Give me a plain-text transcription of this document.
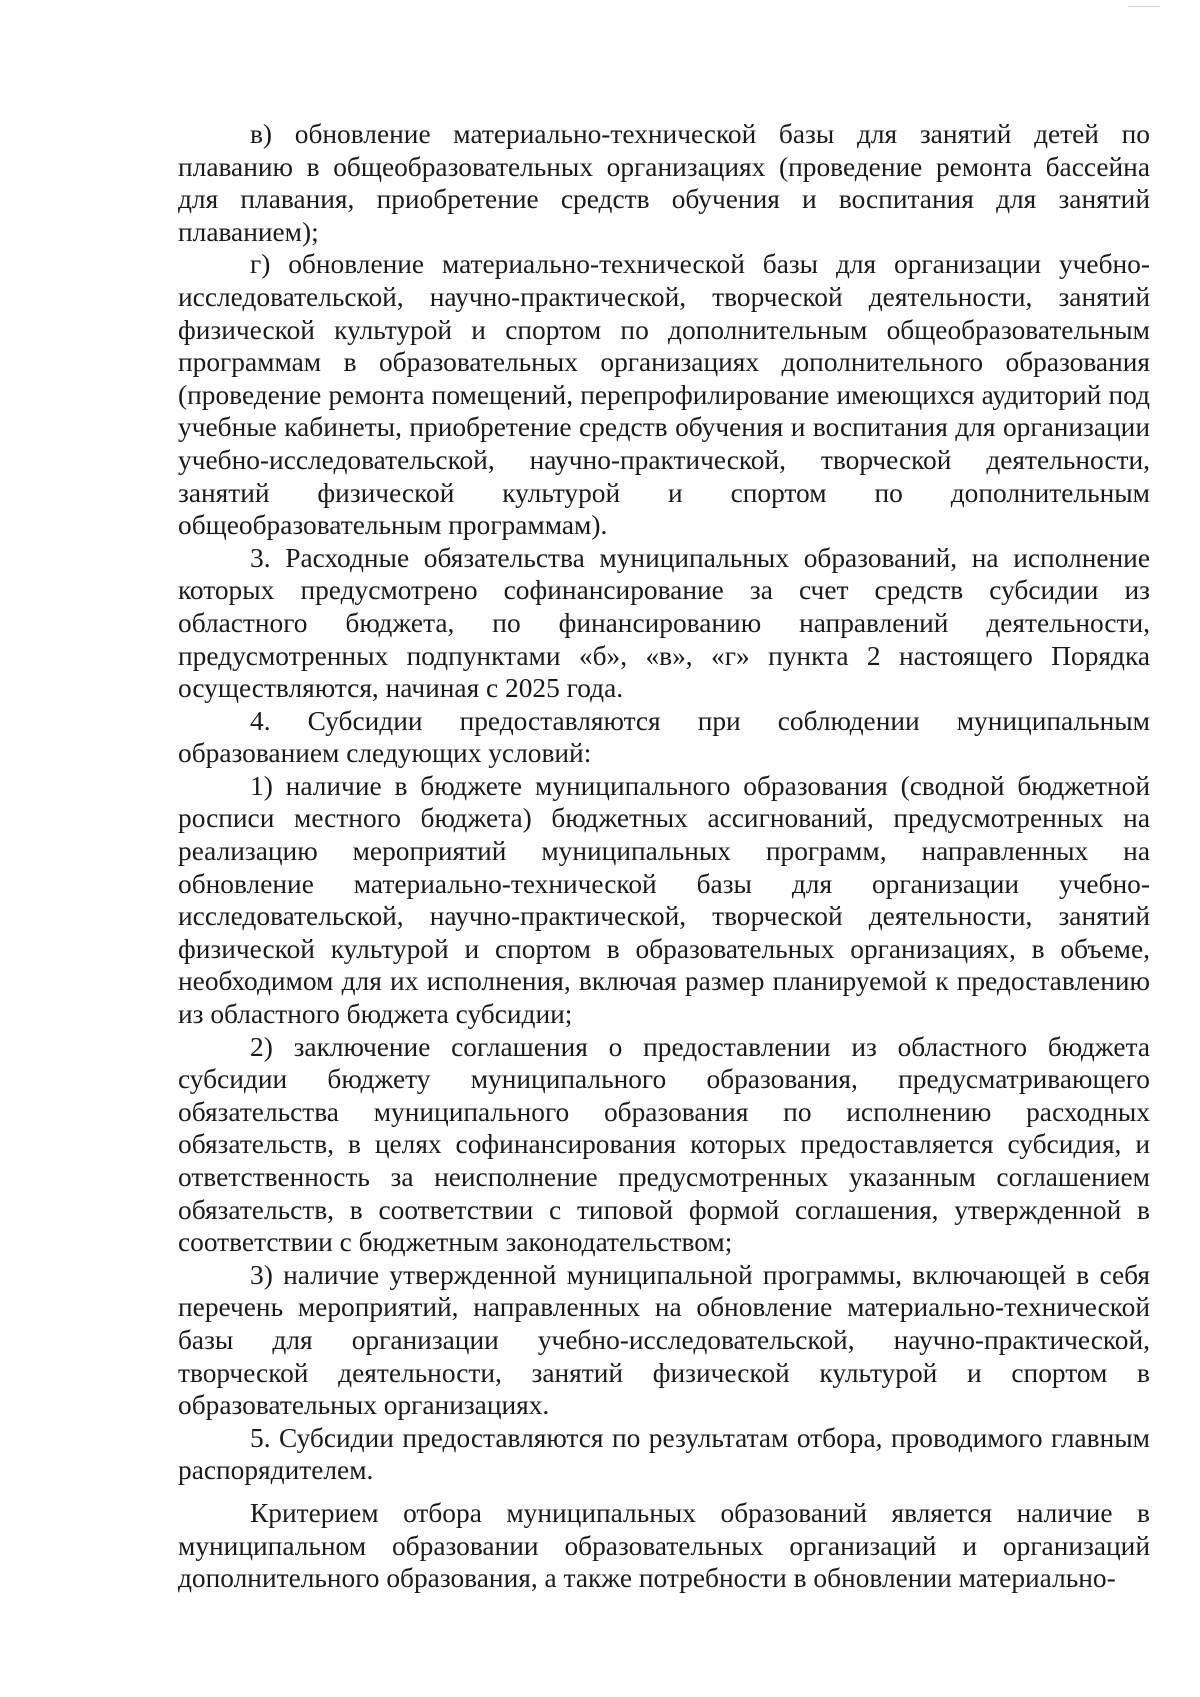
в) обновление материально-технической базы для занятий детей по плаванию в общеобразовательных организациях (проведение ремонта бассейна для плавания, приобретение средств обучения и воспитания для занятий плаванием);

г) обновление материально-технической базы для организации учебно-исследовательской, научно-практической, творческой деятельности, занятий физической культурой и спортом по дополнительным общеобразовательным программам в образовательных организациях дополнительного образования (проведение ремонта помещений, перепрофилирование имеющихся аудиторий под учебные кабинеты, приобретение средств обучения и воспитания для организации учебно-исследовательской, научно-практической, творческой деятельности, занятий физической культурой и спортом по дополнительным общеобразовательным программам).

3. Расходные обязательства муниципальных образований, на исполнение которых предусмотрено софинансирование за счет средств субсидии из областного бюджета, по финансированию направлений деятельности, предусмотренных подпунктами «б», «в», «г» пункта 2 настоящего Порядка осуществляются, начиная с 2025 года.

4. Субсидии предоставляются при соблюдении муниципальным образованием следующих условий:

1) наличие в бюджете муниципального образования (сводной бюджетной росписи местного бюджета) бюджетных ассигнований, предусмотренных на реализацию мероприятий муниципальных программ, направленных на обновление материально-технической базы для организации учебно-исследовательской, научно-практической, творческой деятельности, занятий физической культурой и спортом в образовательных организациях, в объеме, необходимом для их исполнения, включая размер планируемой к предоставлению из областного бюджета субсидии;

2) заключение соглашения о предоставлении из областного бюджета субсидии бюджету муниципального образования, предусматривающего обязательства муниципального образования по исполнению расходных обязательств, в целях софинансирования которых предоставляется субсидия, и ответственность за неисполнение предусмотренных указанным соглашением обязательств, в соответствии с типовой формой соглашения, утвержденной в соответствии с бюджетным законодательством;

3) наличие утвержденной муниципальной программы, включающей в себя перечень мероприятий, направленных на обновление материально-технической базы для организации учебно-исследовательской, научно-практической, творческой деятельности, занятий физической культурой и спортом в образовательных организациях.

5. Субсидии предоставляются по результатам отбора, проводимого главным распорядителем.

Критерием отбора муниципальных образований является наличие в муниципальном образовании образовательных организаций и организаций дополнительного образования, а также потребности в обновлении материально-
